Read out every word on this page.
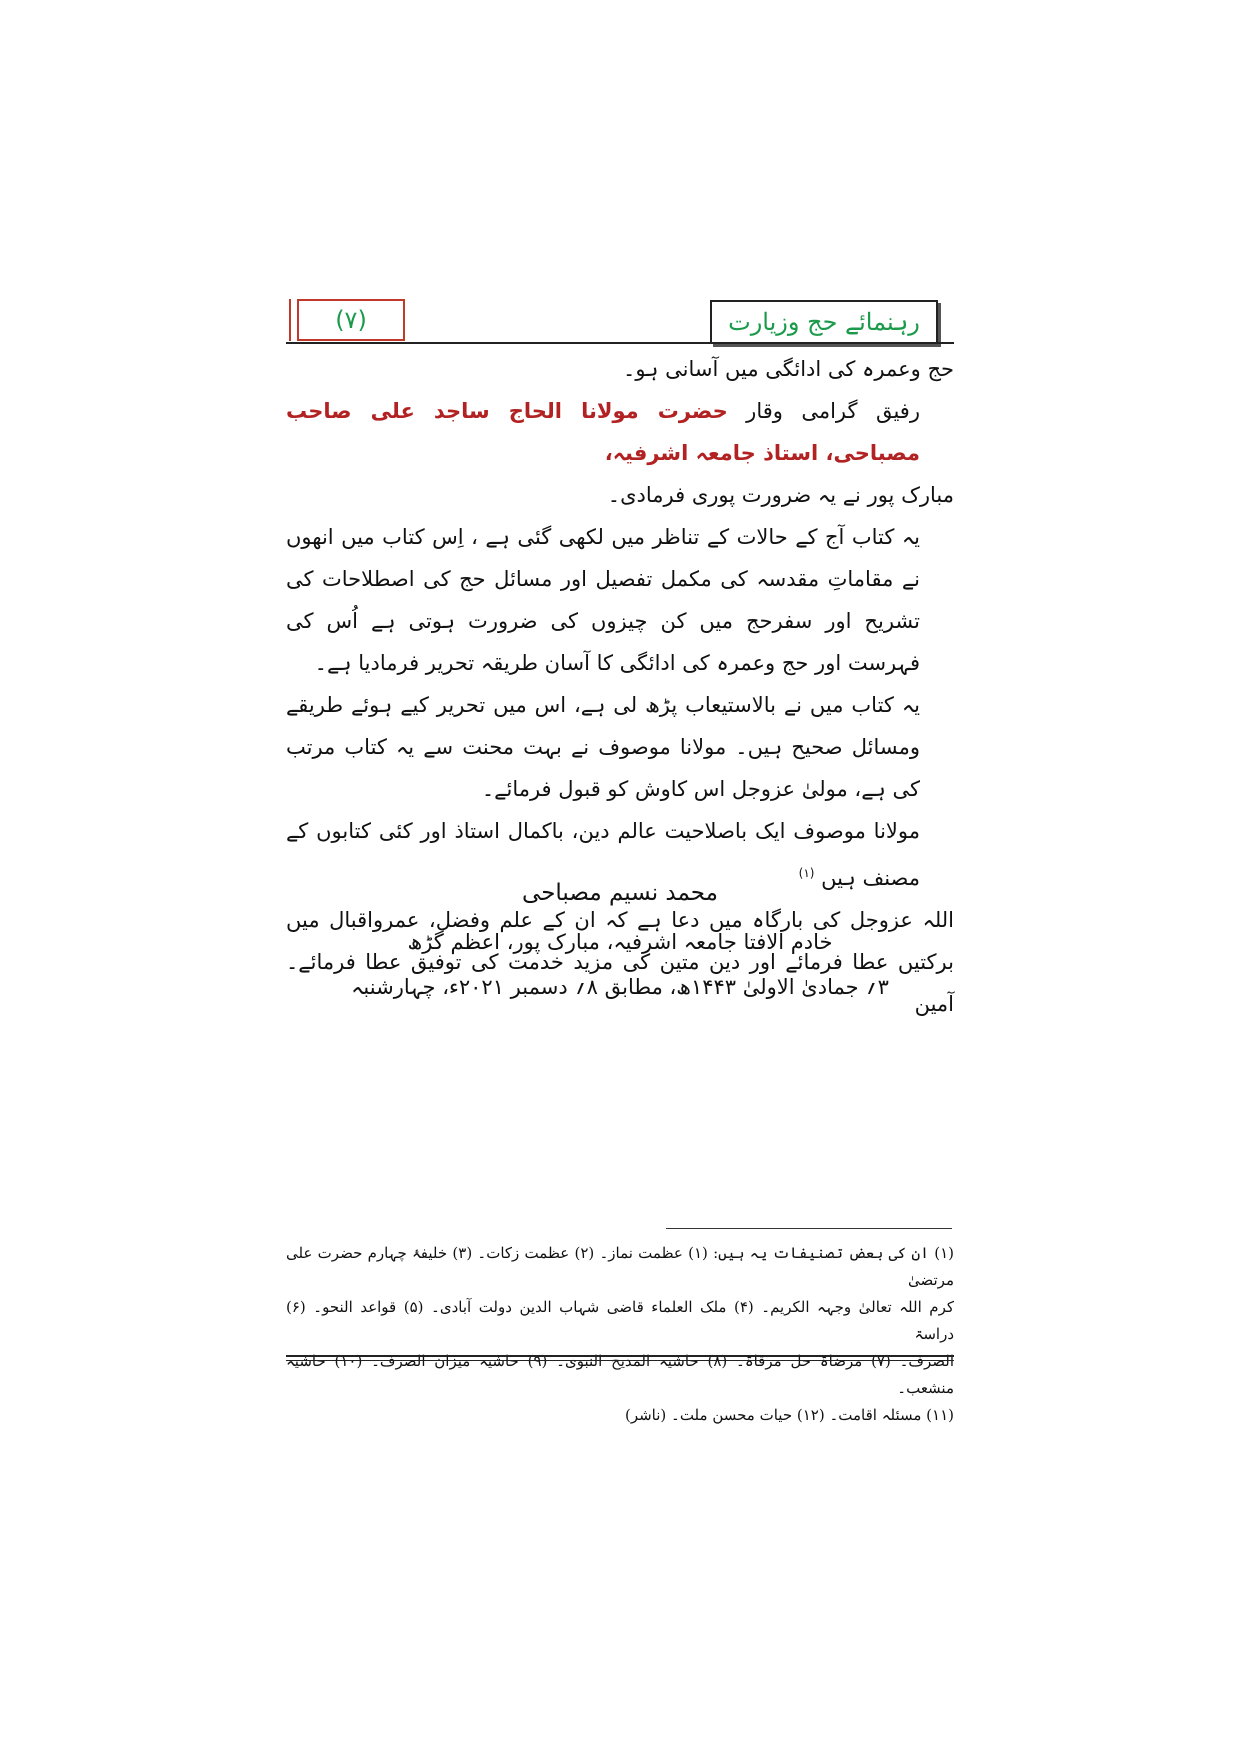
(۷)	رہنمائے حج وزیارت

حج وعمرہ کی ادائگی میں آسانی ہو۔

رفیق گرامی وقار حضرت مولانا الحاج ساجد علی صاحب مصباحی، استاذ جامعہ اشرفیہ،

مبارک پور نے یہ ضرورت پوری فرمادی۔

یہ کتاب آج کے حالات کے تناظر میں لکھی گئی ہے ، اِس کتاب میں انھوں نے مقاماتِ مقدسہ کی مکمل تفصیل اور مسائل حج کی اصطلاحات کی تشریح اور سفرحج میں کن چیزوں کی ضرورت ہوتی ہے اُس کی فہرست اور حج وعمرہ کی ادائگی کا آسان طریقہ تحریر فرمادیا ہے۔

یہ کتاب میں نے بالاستیعاب پڑھ لی ہے، اس میں تحریر کیے ہوئے طریقے ومسائل صحیح ہیں۔ مولانا موصوف نے بہت محنت سے یہ کتاب مرتب کی ہے، مولیٰ عزوجل اس کاوش کو قبول فرمائے۔

مولانا موصوف ایک باصلاحیت عالم دین، باکمال استاذ اور کئی کتابوں کے مصنف ہیں $^{(۱)}$

اللہ عزوجل کی بارگاہ میں دعا ہے کہ ان کے علم وفضل، عمرواقبال میں برکتیں عطا فرمائے اور دین متین کی مزید خدمت کی توفیق عطا فرمائے۔ آمین

محمد نسیم مصباحی
خادم الافتا جامعہ اشرفیہ، مبارک پور، اعظم گڑھ
۳؍ جمادیٰ الاولیٰ ۱۴۴۳ھ، مطابق ۸؍ دسمبر ۲۰۲۱ء، چہارشنبہ

(۱) ان کی بعض تصنیفات یہ ہیں: (۱) عظمت نماز۔ (۲) عظمت زکات۔ (۳) خلیفۂ چہارم حضرت علی مرتضیٰ

کرم اللہ تعالیٰ وجہہ الکریم۔ (۴) ملک العلماء قاضی شہاب الدین دولت آبادی۔ (۵) قواعد النحو۔ (۶) دراسۃ

الصرف۔ (۷) مرضاۃ حل مرقاۃ۔ (۸) حاشیہ المدیح النبوی۔ (۹) حاشیہ میزان الصرف۔ (۱۰) حاشیہ منشعب۔

(۱۱) مسئلہ اقامت۔ (۱۲) حیات محسن ملت۔ (ناشر)
